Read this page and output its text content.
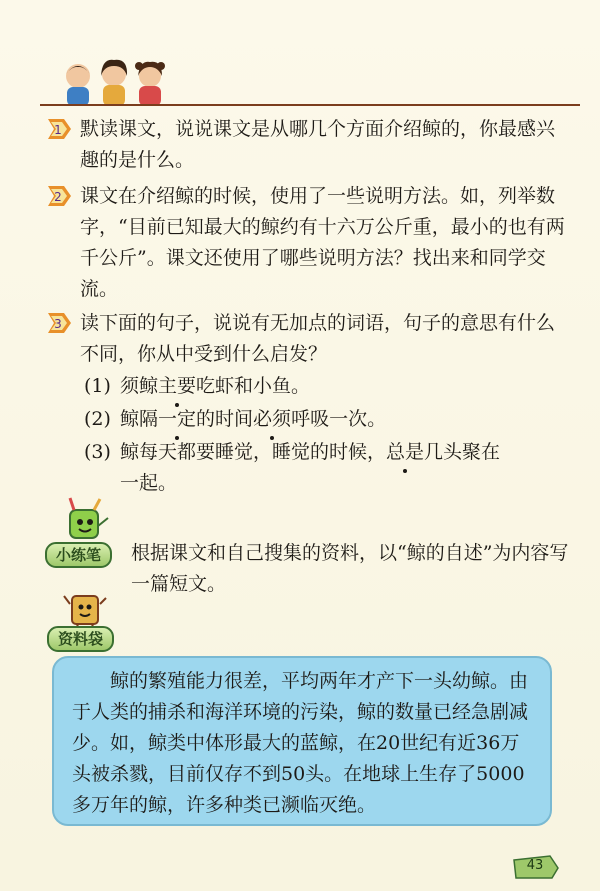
1 默读课文，说说课文是从哪几个方面介绍鲸的，你最感兴趣的是什么。
2 课文在介绍鲸的时候，使用了一些说明方法。如，列举数字，“目前已知最大的鲸约有十六万公斤重，最小的也有两千公斤”。课文还使用了哪些说明方法？找出来和同学交流。
3 读下面的句子，说说有无加点的词语，句子的意思有什么不同，你从中受到什么启发？
(1) 须鲸主要吃虾和小鱼。
(2) 鲸隔一定的时间必须呼吸一次。
(3) 鲸每天都要睡觉，睡觉的时候，总是几头聚在
一起。
小练笔	根据课文和自己搜集的资料，以“鲸的自述”为内容写一篇短文。
资料袋

鲸的繁殖能力很差，平均两年才产下一头幼鲸。由于人类的捕杀和海洋环境的污染，鲸的数量已经急剧减少。如，鲸类中体形最大的蓝鲸，在20世纪有近36万头被杀戮，目前仅存不到50头。在地球上生存了5000多万年的鲸，许多种类已濒临灭绝。

43
